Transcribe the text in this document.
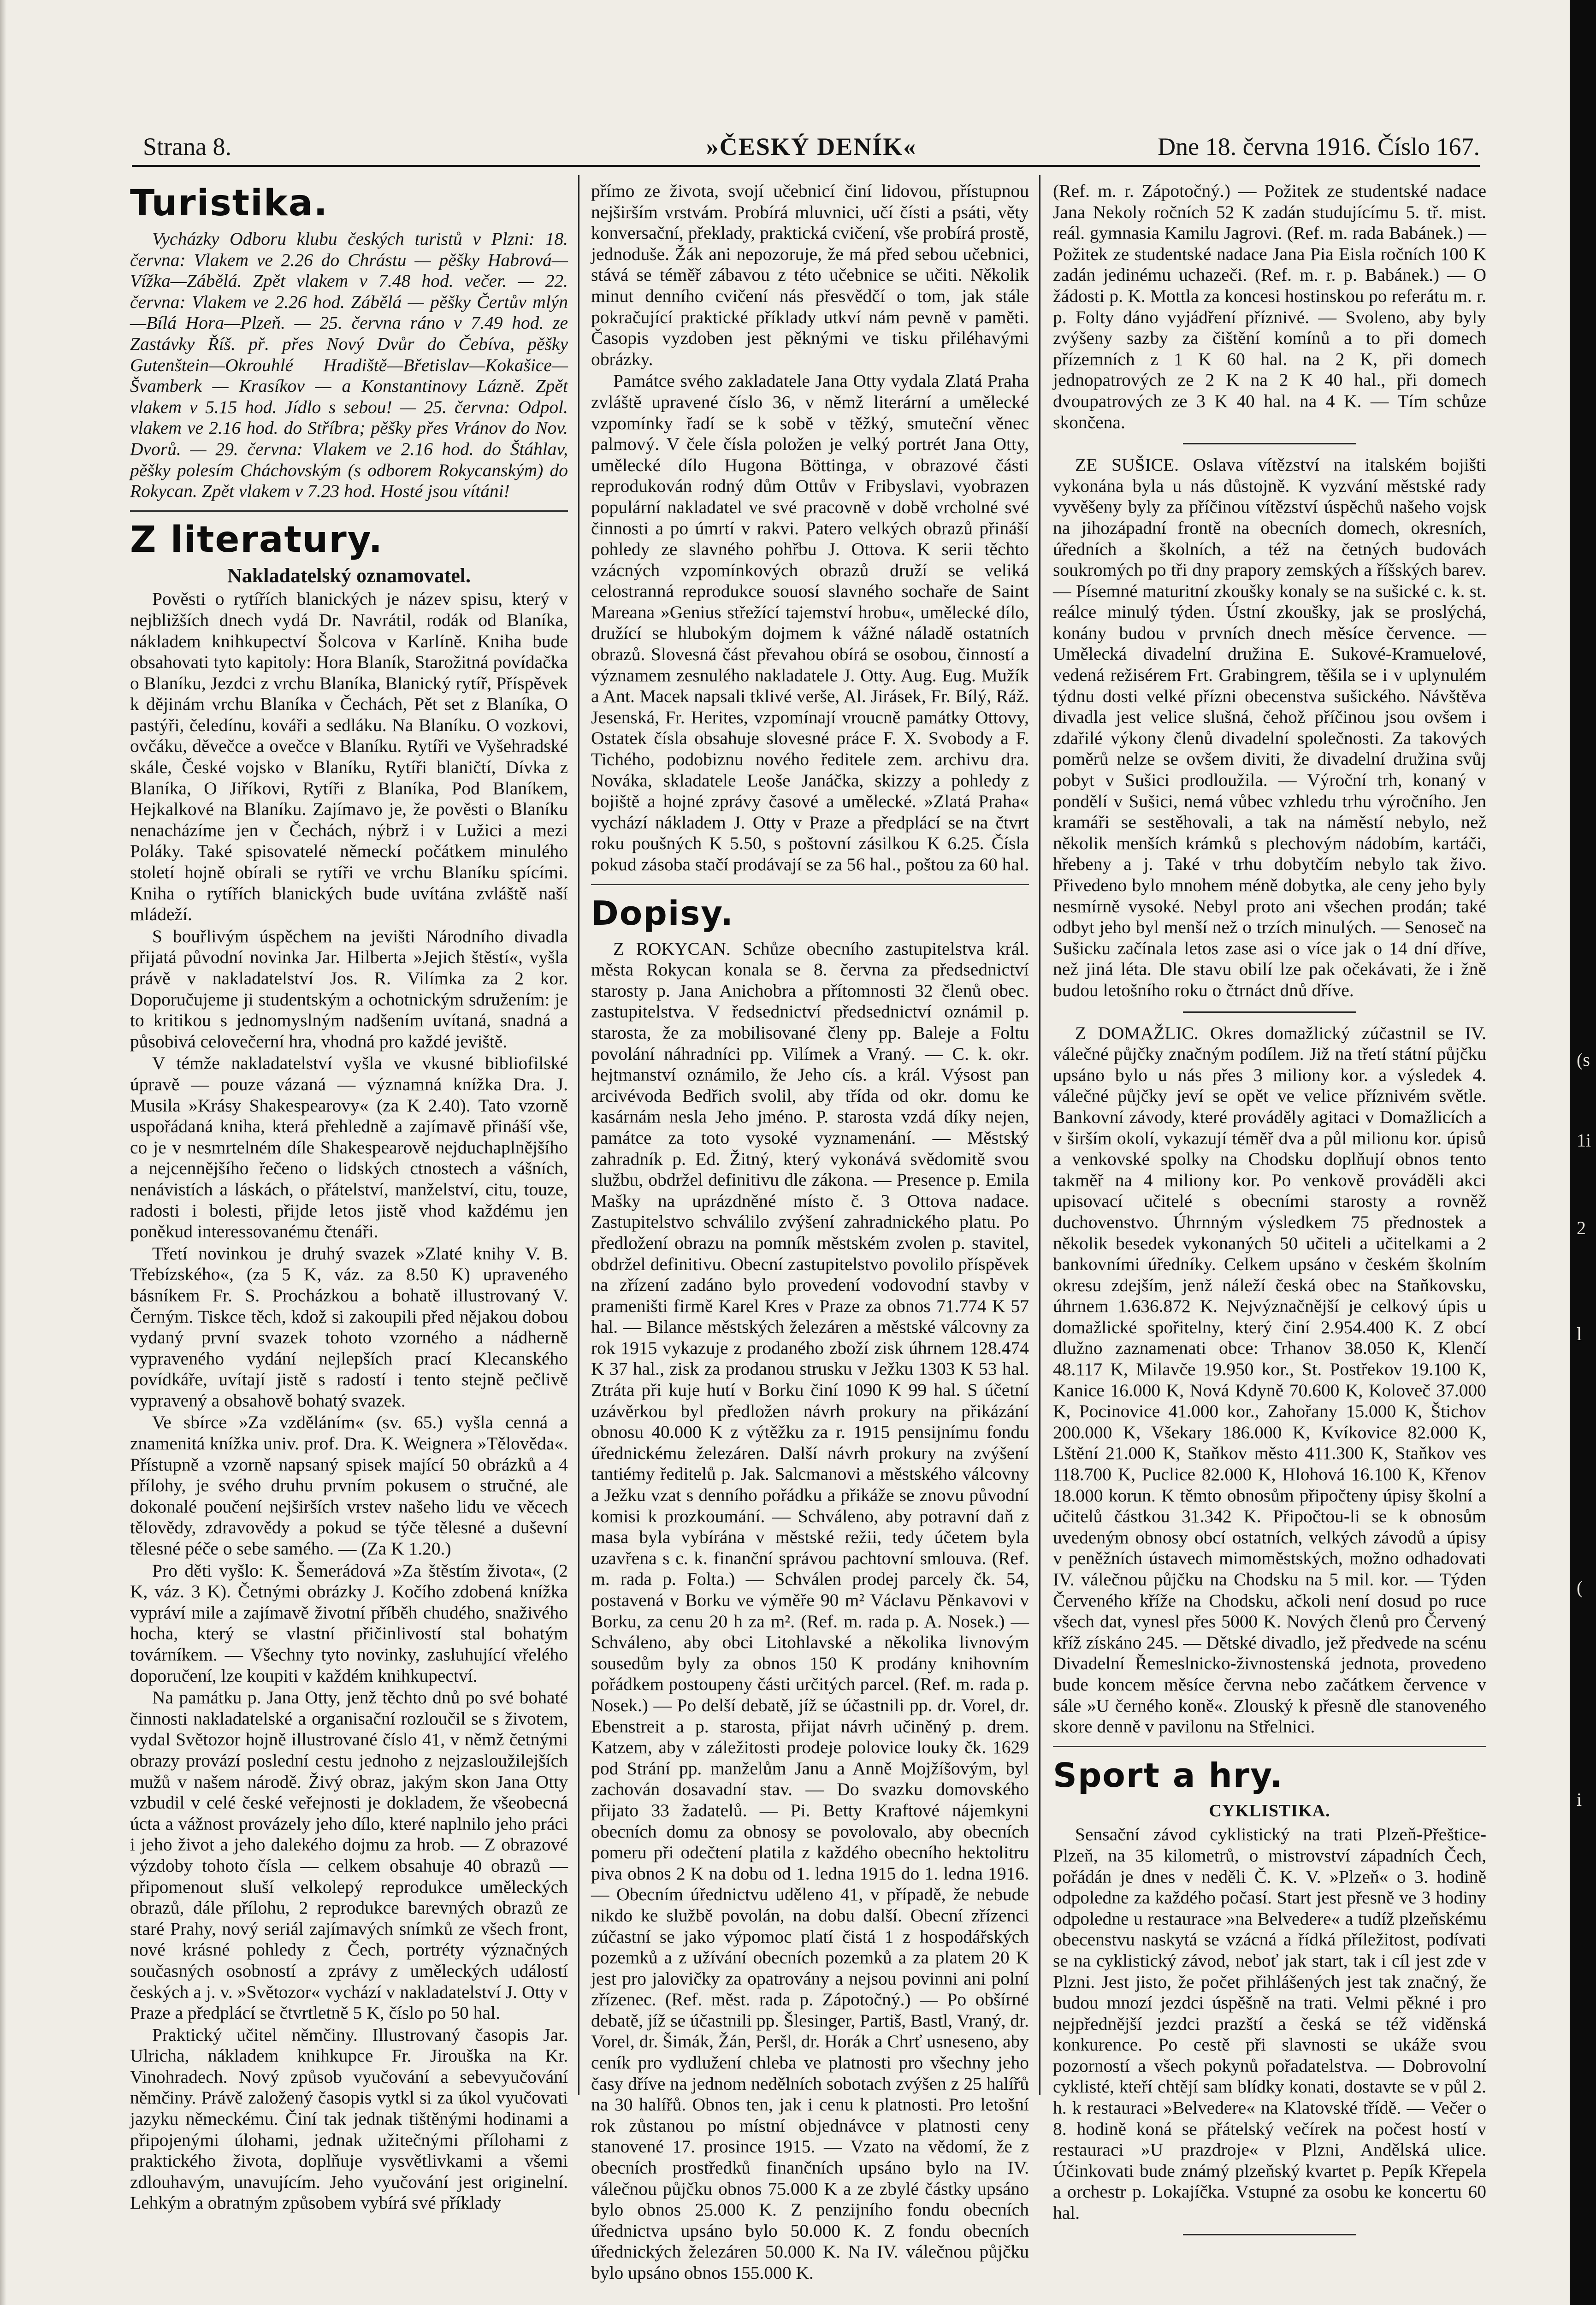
(s
1i
2
l
(
i
Strana 8.	»ČESKÝ DENÍK«	Dne 18. června 1916. Číslo 167.
Turistika.

Vycházky Odboru klubu českých turistů v Plzni: 18. června: Vlakem ve 2.26 do Chrástu — pěšky Habrová—Vížka—Zábělá. Zpět vlakem v 7.48 hod. večer. — 22. června: Vlakem ve 2.26 hod. Zábělá — pěšky Čertův mlýn—Bílá Hora—Plzeň. — 25. června ráno v 7.49 hod. ze Zastávky Říš. př. přes Nový Dvůr do Čebíva, pěšky Gutenštein—Okrouhlé Hradiště—Břetislav—Kokašice—Švamberk — Krasíkov — a Konstantinovy Lázně. Zpět vlakem v 5.15 hod. Jídlo s sebou! — 25. června: Odpol. vlakem ve 2.16 hod. do Stříbra; pěšky přes Vránov do Nov. Dvorů. — 29. června: Vlakem ve 2.16 hod. do Štáhlav, pěšky polesím Cháchovským (s odborem Rokycanským) do Rokycan. Zpět vlakem v 7.23 hod. Hosté jsou vítáni!

Z literatury.

Nakladatelský oznamovatel.

Pověsti o rytířích blanických je název spisu, který v nejbližších dnech vydá Dr. Navrátil, rodák od Blaníka, nákladem knihkupectví Šolcova v Karlíně. Kniha bude obsahovati tyto kapitoly: Hora Blaník, Starožitná povídačka o Blaníku, Jezdci z vrchu Blaníka, Blanický rytíř, Příspěvek k dějinám vrchu Blaníka v Čechách, Pět set z Blaníka, O pastýři, čeledínu, kováři a sedláku. Na Blaníku. O vozkovi, ovčáku, děvečce a ovečce v Blaníku. Rytíři ve Vyšehradské skále, České vojsko v Blaníku, Rytíři blaničtí, Dívka z Blaníka, O Jiříkovi, Rytíři z Blaníka, Pod Blaníkem, Hejkalkové na Blaníku. Zajímavo je, že pověsti o Blaníku nenacházíme jen v Čechách, nýbrž i v Lužici a mezi Poláky. Také spisovatelé německí počátkem minulého století hojně obírali se rytíři ve vrchu Blaníku spícími. Kniha o rytířích blanických bude uvítána zvláště naší mládeží.

S bouřlivým úspěchem na jevišti Národního divadla přijatá původní novinka Jar. Hilberta »Jejich štěstí«, vyšla právě v nakladatelství Jos. R. Vilímka za 2 kor. Doporučujeme ji studentským a ochotnickým sdružením: je to kritikou s jednomyslným nadšením uvítaná, snadná a působivá celovečerní hra, vhodná pro každé jeviště.

V témže nakladatelství vyšla ve vkusné bibliofilské úpravě — pouze vázaná — významná knížka Dra. J. Musila »Krásy Shakespearovy« (za K 2.40). Tato vzorně uspořádaná kniha, která přehledně a zajímavě přináší vše, co je v nesmrtelném díle Shakespearově nejduchaplnějšího a nejcennějšího řečeno o lidských ctnostech a vášních, nenávistích a láskách, o přátelství, manželství, citu, touze, radosti i bolesti, přijde letos jistě vhod každému jen poněkud interessovanému čtenáři.

Třetí novinkou je druhý svazek »Zlaté knihy V. B. Třebízského«, (za 5 K, váz. za 8.50 K) upraveného básníkem Fr. S. Procházkou a bohatě illustrovaný V. Černým. Tiskce těch, kdož si zakoupili před nějakou dobou vydaný první svazek tohoto vzorného a nádherně vypraveného vydání nejlepších prací Klecanského povídkáře, uvítají jistě s radostí i tento stejně pečlivě vypravený a obsahově bohatý svazek.

Ve sbírce »Za vzděláním« (sv. 65.) vyšla cenná a znamenitá knížka univ. prof. Dra. K. Weignera »Tělověda«. Přístupně a vzorně napsaný spisek mající 50 obrázků a 4 přílohy, je svého druhu prvním pokusem o stručné, ale dokonalé poučení nejširších vrstev našeho lidu ve věcech tělovědy, zdravovědy a pokud se týče tělesné a duševní tělesné péče o sebe samého. — (Za K 1.20.)

Pro děti vyšlo: K. Šemerádová »Za štěstím života«, (2 K, váz. 3 K). Četnými obrázky J. Kočího zdobená knížka vypráví mile a zajímavě životní příběh chudého, snaživého hocha, který se vlastní přičinlivostí stal bohatým továrníkem. — Všechny tyto novinky, zasluhující vřelého doporučení, lze koupiti v každém knihkupectví.

Na památku p. Jana Otty, jenž těchto dnů po své bohaté činnosti nakladatelské a organisační rozloučil se s životem, vydal Světozor hojně illustrované číslo 41, v němž četnými obrazy provází poslední cestu jednoho z nejzasloužilejších mužů v našem národě. Živý obraz, jakým skon Jana Otty vzbudil v celé české veřejnosti je dokladem, že všeobecná úcta a vážnost provázely jeho dílo, které naplnilo jeho práci i jeho život a jeho dalekého dojmu za hrob. — Z obrazové výzdoby tohoto čísla — celkem obsahuje 40 obrazů — připomenout sluší velkolepý reprodukce uměleckých obrazů, dále přílohu, 2 reprodukce barevných obrazů ze staré Prahy, nový seriál zajímavých snímků ze všech front, nové krásné pohledy z Čech, portréty význačných současných osobností a zprávy z uměleckých událostí českých a j. v. »Světozor« vychází v nakladatelství J. Otty v Praze a předplácí se čtvrtletně 5 K, číslo po 50 hal.

Praktický učitel němčiny. Illustrovaný časopis Jar. Ulricha, nákladem knihkupce Fr. Jirouška na Kr. Vinohradech. Nový způsob vyučování a sebevyučování němčiny. Právě založený časopis vytkl si za úkol vyučovati jazyku německému. Činí tak jednak tištěnými hodinami a připojenými úlohami, jednak užitečnými přílohami z praktického života, doplňuje vysvětlivkami a všemi zdlouhavým, unavujícím. Jeho vyučování jest originelní. Lehkým a obratným způsobem vybírá své příklady

přímo ze života, svojí učebnicí činí lidovou, přístupnou nejširším vrstvám. Probírá mluvnici, učí čísti a psáti, věty konversační, překlady, praktická cvičení, vše probírá prostě, jednoduše. Žák ani nepozoruje, že má před sebou učebnici, stává se téměř zábavou z této učebnice se učiti. Několik minut denního cvičení nás přesvědčí o tom, jak stále pokračující praktické příklady utkví nám pevně v paměti. Časopis vyzdoben jest pěknými ve tisku přiléhavými obrázky.

Památce svého zakladatele Jana Otty vydala Zlatá Praha zvláště upravené číslo 36, v němž literární a umělecké vzpomínky řadí se k sobě v těžký, smuteční věnec palmový. V čele čísla položen je velký portrét Jana Otty, umělecké dílo Hugona Böttinga, v obrazové části reprodukován rodný dům Ottův v Fribyslavi, vyobrazen populární nakladatel ve své pracovně v době vrcholné své činnosti a po úmrtí v rakvi. Patero velkých obrazů přináší pohledy ze slavného pohřbu J. Ottova. K serii těchto vzácných vzpomínkových obrazů druží se veliká celostranná reprodukce souosí slavného sochaře de Saint Mareana »Genius střežící tajemství hrobu«, umělecké dílo, družící se hlubokým dojmem k vážné náladě ostatních obrazů. Slovesná část převahou obírá se osobou, činností a významem zesnulého nakladatele J. Otty. Aug. Eug. Mužík a Ant. Macek napsali tklivé verše, Al. Jirásek, Fr. Bílý, Ráž. Jesenská, Fr. Herites, vzpomínají vroucně památky Ottovy, Ostatek čísla obsahuje slovesné práce F. X. Svobody a F. Tichého, podobiznu nového ředitele zem. archivu dra. Nováka, skladatele Leoše Janáčka, skizzy a pohledy z bojiště a hojné zprávy časové a umělecké. »Zlatá Praha« vychází nákladem J. Otty v Praze a předplácí se na čtvrt roku poušných K 5.50, s poštovní zásilkou K 6.25. Čísla pokud zásoba stačí prodávají se za 56 hal., poštou za 60 hal.

Dopisy.

Z ROKYCAN. Schůze obecního zastupitelstva král. města Rokycan konala se 8. června za předsednictví starosty p. Jana Anichobra a přítomnosti 32 členů obec. zastupitelstva. V ředsednictví předsednictví oznámil p. starosta, že za mobilisované členy pp. Baleje a Foltu povolání náhradníci pp. Vilímek a Vraný. — C. k. okr. hejtmanství oznámilo, že Jeho cís. a král. Výsost pan arcivévoda Bedřich svolil, aby třída od okr. domu ke kasárnám nesla Jeho jméno. P. starosta vzdá díky nejen, památce za toto vysoké vyznamenání. — Městský zahradník p. Ed. Žitný, který vykonává svědomitě svou službu, obdržel definitivu dle zákona. — Presence p. Emila Mašky na uprázdněné místo č. 3 Ottova nadace. Zastupitelstvo schválilo zvýšení zahradnického platu. Po předložení obrazu na pomník městském zvolen p. stavitel, obdržel definitivu. Obecní zastupitelstvo povolilo příspěvek na zřízení zadáno bylo provedení vodovodní stavby v prameništi firmě Karel Kres v Praze za obnos 71.774 K 57 hal. — Bilance městských železáren a městské válcovny za rok 1915 vykazuje z prodaného zboží zisk úhrnem 128.474 K 37 hal., zisk za prodanou strusku v Ježku 1303 K 53 hal. Ztráta při kuje hutí v Borku činí 1090 K 99 hal. S účetní uzávěrkou byl předložen návrh prokury na přikázání obnosu 40.000 K z výtěžku za r. 1915 pensijnímu fondu úřednickému železáren. Další návrh prokury na zvýšení tantiémy ředitelů p. Jak. Salcmanovi a městského válcovny a Ježku vzat s denního pořádku a přikáže se znovu původní komisi k prozkoumání. — Schváleno, aby potravní daň z masa byla vybírána v městské režii, tedy účetem byla uzavřena s c. k. finanční správou pachtovní smlouva. (Ref. m. rada p. Folta.) — Schválen prodej parcely čk. 54, postavená v Borku ve výměře 90 m² Václavu Pěnkavovi v Borku, za cenu 20 h za m². (Ref. m. rada p. A. Nosek.) — Schváleno, aby obci Litohlavské a několika livnovým sousedům byly za obnos 150 K prodány knihovním pořádkem postoupeny části určitých parcel. (Ref. m. rada p. Nosek.) — Po delší debatě, jíž se účastnili pp. dr. Vorel, dr. Ebenstreit a p. starosta, přijat návrh učiněný p. drem. Katzem, aby v záležitosti prodeje polovice louky čk. 1629 pod Strání pp. manželům Janu a Anně Mojžíšovým, byl zachován dosavadní stav. — Do svazku domovského přijato 33 žadatelů. — Pi. Betty Kraftové nájemkyni obecních domu za obnosy se povolovalo, aby obecních pomeru při odečtení platila z každého obecního hektolitru piva obnos 2 K na dobu od 1. ledna 1915 do 1. ledna 1916. — Obecním úřednictvu uděleno 41, v případě, že nebude nikdo ke službě povolán, na dobu další. Obecní zřízenci zúčastní se jako výpomoc platí čistá 1 z hospodářských pozemků a z užívání obecních pozemků a za platem 20 K jest pro jalovičky za opatrovány a nejsou povinni ani polní zřízenec. (Ref. měst. rada p. Zápotočný.) — Po obšírné debatě, jíž se účastnili pp. Šlesinger, Partiš, Bastl, Vraný, dr. Vorel, dr. Šimák, Žán, Peršl, dr. Horák a Chrť usneseno, aby ceník pro vydlužení chleba ve platnosti pro všechny jeho časy dříve na jednom nedělních sobotach zvýšen z 25 halířů na 30 halířů. Obnos ten, jak i cenu k platnosti. Pro letošní rok zůstanou po místní objednávce v platnosti ceny stanovené 17. prosince 1915. — Vzato na vědomí, že z obecních prostředků finančních upsáno bylo na IV. válečnou půjčku obnos 75.000 K a ze zbylé částky upsáno bylo obnos 25.000 K. Z penzijního fondu obecních úřednictva upsáno bylo 50.000 K. Z fondu obecních úřednických železáren 50.000 K. Na IV. válečnou půjčku bylo upsáno obnos 155.000 K.

(Ref. m. r. Zápotočný.) — Požitek ze studentské nadace Jana Nekoly ročních 52 K zadán studujícímu 5. tř. mist. reál. gymnasia Kamilu Jagrovi. (Ref. m. rada Babánek.) — Požitek ze studentské nadace Jana Pia Eisla ročních 100 K zadán jedinému uchazeči. (Ref. m. r. p. Babánek.) — O žádosti p. K. Mottla za koncesi hostinskou po referátu m. r. p. Folty dáno vyjádření příznivé. — Svoleno, aby byly zvýšeny sazby za čištění komínů a to při domech přízemních z 1 K 60 hal. na 2 K, při domech jednopatrových ze 2 K na 2 K 40 hal., při domech dvoupatrových ze 3 K 40 hal. na 4 K. — Tím schůze skončena.

ZE SUŠICE. Oslava vítězství na italském bojišti vykonána byla u nás důstojně. K vyzvání městské rady vyvěšeny byly za příčinou vítězství úspěchů našeho vojsk na jihozápadní frontě na obecních domech, okresních, úředních a školních, a též na četných budovách soukromých po tři dny prapory zemských a říšských barev. — Písemné maturitní zkoušky konaly se na sušické c. k. st. reálce minulý týden. Ústní zkoušky, jak se proslýchá, konány budou v prvních dnech měsíce července. — Umělecká divadelní družina E. Sukové-Kramuelové, vedená režisérem Frt. Grabingrem, těšila se i v uplynulém týdnu dosti velké přízni obecenstva sušického. Návštěva divadla jest velice slušná, čehož příčinou jsou ovšem i zdařilé výkony členů divadelní společnosti. Za takových poměrů nelze se ovšem diviti, že divadelní družina svůj pobyt v Sušici prodloužila. — Výroční trh, konaný v pondělí v Sušici, nemá vůbec vzhledu trhu výročního. Jen kramáři se sestěhovali, a tak na náměstí nebylo, než několik menších krámků s plechovým nádobím, kartáči, hřebeny a j. Také v trhu dobytčím nebylo tak živo. Přivedeno bylo mnohem méně dobytka, ale ceny jeho byly nesmírně vysoké. Nebyl proto ani všechen prodán; také odbyt jeho byl menší než o trzích minulých. — Senoseč na Sušicku začínala letos zase asi o více jak o 14 dní dříve, než jiná léta. Dle stavu obilí lze pak očekávati, že i žně budou letošního roku o čtrnáct dnů dříve.

Z DOMAŽLIC. Okres domažlický zúčastnil se IV. válečné půjčky značným podílem. Již na třetí státní půjčku upsáno bylo u nás přes 3 miliony kor. a výsledek 4. válečné půjčky jeví se opět ve velice příznivém světle. Bankovní závody, které prováděly agitaci v Domažlicích a v širším okolí, vykazují téměř dva a půl milionu kor. úpisů a venkovské spolky na Chodsku doplňují obnos tento takměř na 4 miliony kor. Po venkově prováděli akci upisovací učitelé s obecními starosty a rovněž duchovenstvo. Úhrnným výsledkem 75 přednostek a několik besedek vykonaných 50 učiteli a učitelkami a 2 bankovními úředníky. Celkem upsáno v českém školním okresu zdejším, jenž náleží česká obec na Staňkovsku, úhrnem 1.636.872 K. Nejvýznačnější je celkový úpis u domažlické spořitelny, který činí 2.954.400 K. Z obcí dlužno zaznamenati obce: Trhanov 38.050 K, Klenčí 48.117 K, Milavče 19.950 kor., St. Postřekov 19.100 K, Kanice 16.000 K, Nová Kdyně 70.600 K, Koloveč 37.000 K, Pocinovice 41.000 kor., Zahořany 15.000 K, Štichov 200.000 K, Všekary 186.000 K, Kvíkovice 82.000 K, Lštění 21.000 K, Staňkov město 411.300 K, Staňkov ves 118.700 K, Puclice 82.000 K, Hlohová 16.100 K, Křenov 18.000 korun. K těmto obnosům připočteny úpisy školní a učitelů částkou 31.342 K. Připočtou-li se k obnosům uvedeným obnosy obcí ostatních, velkých závodů a úpisy v peněžních ústavech mimoměstských, možno odhadovati IV. válečnou půjčku na Chodsku na 5 mil. kor. — Týden Červeného kříže na Chodsku, ačkoli není dosud po ruce všech dat, vynesl přes 5000 K. Nových členů pro Červený kříž získáno 245. — Dětské divadlo, jež předvede na scénu Divadelní Řemeslnicko-živnostenská jednota, provedeno bude koncem měsíce června nebo začátkem července v sále »U černého koně«. Zlouský k přesně dle stanoveného skore denně v pavilonu na Střelnici.

Sport a hry.

CYKLISTIKA.

Sensační závod cyklistický na trati Plzeň-Přeštice-Plzeň, na 35 kilometrů, o mistrovství západních Čech, pořádán je dnes v neděli Č. K. V. »Plzeň« o 3. hodině odpoledne za každého počasí. Start jest přesně ve 3 hodiny odpoledne u restaurace »na Belvedere« a tudíž plzeňskému obecenstvu naskytá se vzácná a řídká příležitost, podívati se na cyklistický závod, neboť jak start, tak i cíl jest zde v Plzni. Jest jisto, že počet přihlášených jest tak značný, že budou mnozí jezdci úspěšně na trati. Velmi pěkné i pro nejpřednější jezdci prazští a česká se též viděnská konkurence. Po cestě při slavnosti se ukáže svou pozorností a všech pokynů pořadatelstva. — Dobrovolní cyklisté, kteří chtějí sam blídky konati, dostavte se v půl 2. h. k restauraci »Belvedere« na Klatovské třídě. — Večer o 8. hodině koná se přátelský večírek na počest hostí v restauraci »U prazdroje« v Plzni, Andělská ulice. Účinkovati bude známý plzeňský kvartet p. Pepík Křepela a orchestr p. Lokajíčka. Vstupné za osobu ke koncertu 60 hal.
